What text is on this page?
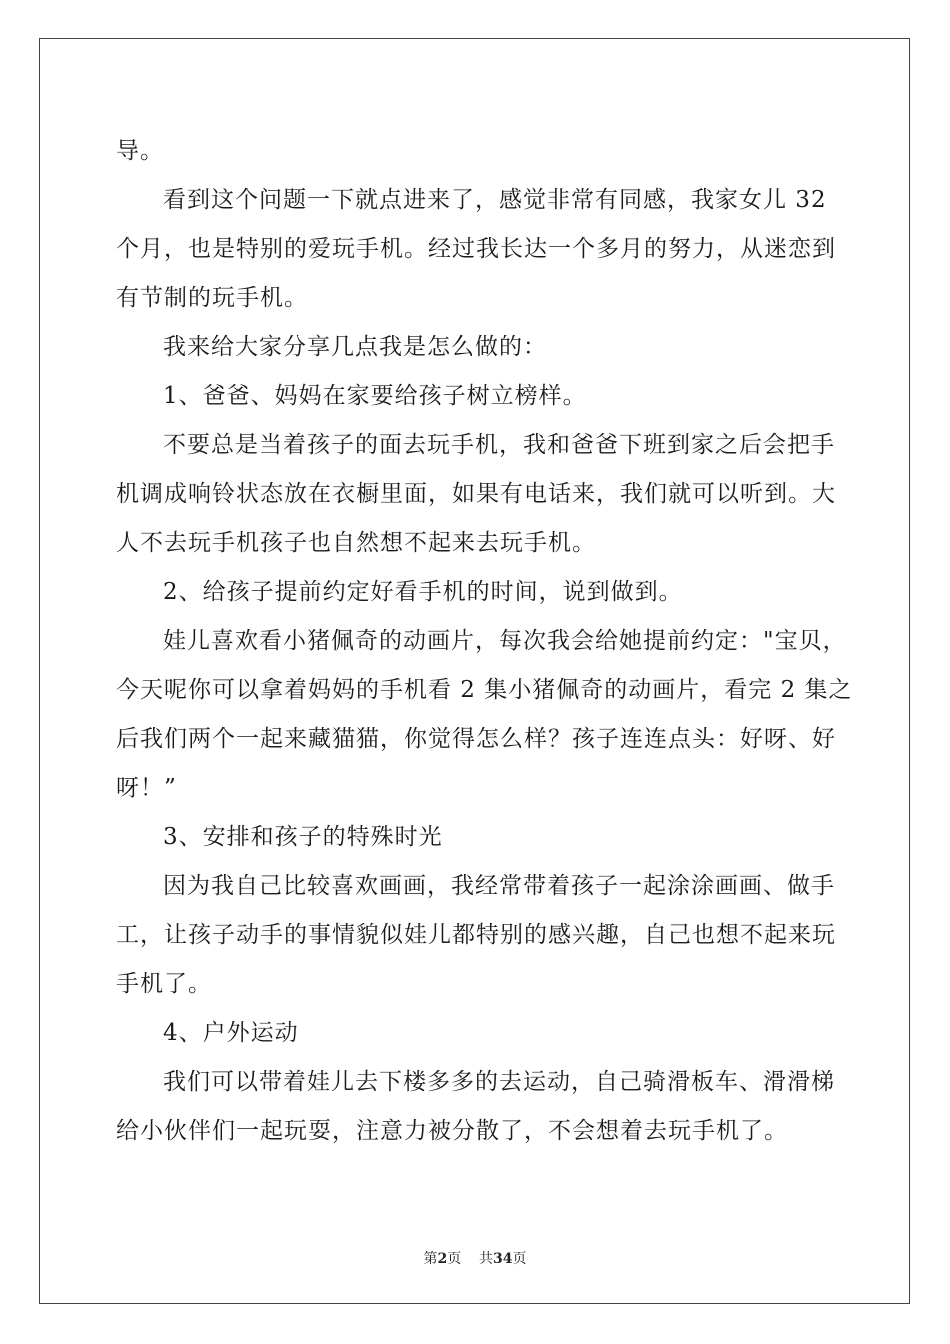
导。
看到这个问题一下就点进来了，感觉非常有同感，我家女儿 32
个月，也是特别的爱玩手机。经过我长达一个多月的努力，从迷恋到
有节制的玩手机。
我来给大家分享几点我是怎么做的：
1、爸爸、妈妈在家要给孩子树立榜样。
不要总是当着孩子的面去玩手机，我和爸爸下班到家之后会把手
机调成响铃状态放在衣橱里面，如果有电话来，我们就可以听到。大
人不去玩手机孩子也自然想不起来去玩手机。
2、给孩子提前约定好看手机的时间，说到做到。
娃儿喜欢看小猪佩奇的动画片，每次我会给她提前约定："宝贝，
今天呢你可以拿着妈妈的手机看 2 集小猪佩奇的动画片，看完 2 集之
后我们两个一起来藏猫猫，你觉得怎么样？孩子连连点头：好呀、好
呀！”
3、安排和孩子的特殊时光
因为我自己比较喜欢画画，我经常带着孩子一起涂涂画画、做手
工，让孩子动手的事情貌似娃儿都特别的感兴趣，自己也想不起来玩
手机了。
4、户外运动
我们可以带着娃儿去下楼多多的去运动，自己骑滑板车、滑滑梯
给小伙伴们一起玩耍，注意力被分散了，不会想着去玩手机了。
第2页 共34页
